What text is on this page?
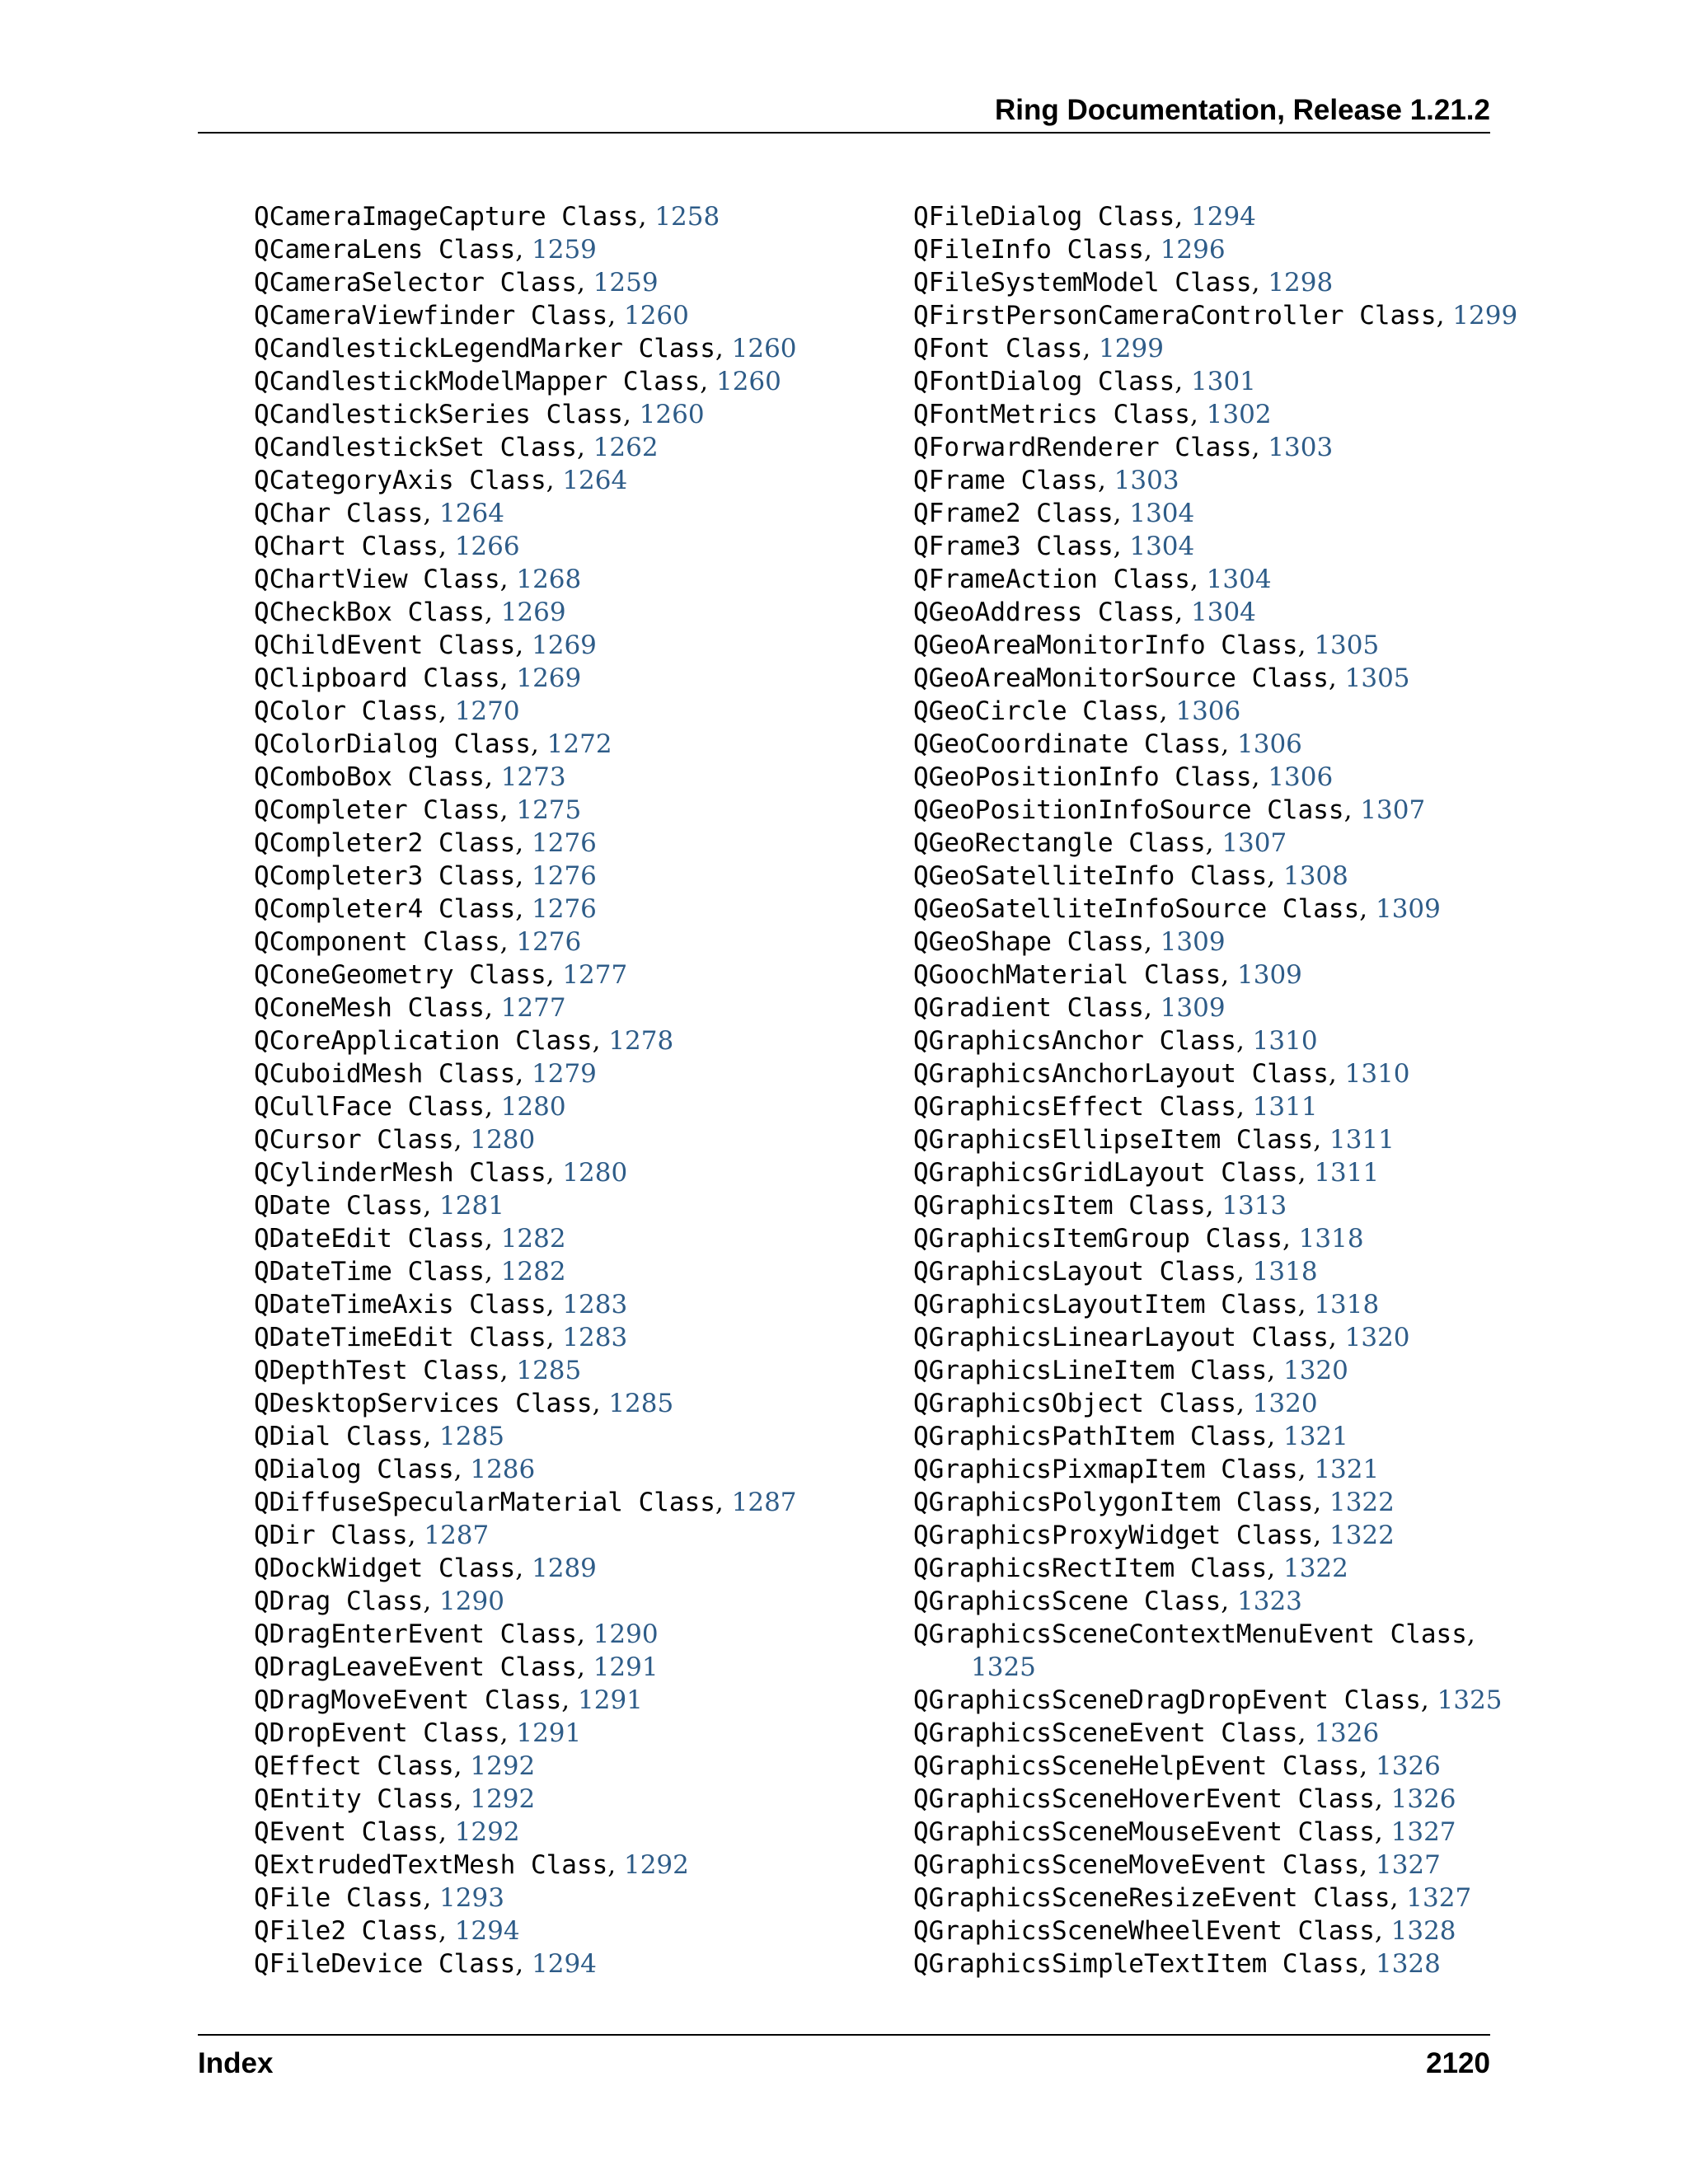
Ring Documentation, Release 1.21.2
QCameraImageCapture Class, 1258
QCameraLens Class, 1259
QCameraSelector Class, 1259
QCameraViewfinder Class, 1260
QCandlestickLegendMarker Class, 1260
QCandlestickModelMapper Class, 1260
QCandlestickSeries Class, 1260
QCandlestickSet Class, 1262
QCategoryAxis Class, 1264
QChar Class, 1264
QChart Class, 1266
QChartView Class, 1268
QCheckBox Class, 1269
QChildEvent Class, 1269
QClipboard Class, 1269
QColor Class, 1270
QColorDialog Class, 1272
QComboBox Class, 1273
QCompleter Class, 1275
QCompleter2 Class, 1276
QCompleter3 Class, 1276
QCompleter4 Class, 1276
QComponent Class, 1276
QConeGeometry Class, 1277
QConeMesh Class, 1277
QCoreApplication Class, 1278
QCuboidMesh Class, 1279
QCullFace Class, 1280
QCursor Class, 1280
QCylinderMesh Class, 1280
QDate Class, 1281
QDateEdit Class, 1282
QDateTime Class, 1282
QDateTimeAxis Class, 1283
QDateTimeEdit Class, 1283
QDepthTest Class, 1285
QDesktopServices Class, 1285
QDial Class, 1285
QDialog Class, 1286
QDiffuseSpecularMaterial Class, 1287
QDir Class, 1287
QDockWidget Class, 1289
QDrag Class, 1290
QDragEnterEvent Class, 1290
QDragLeaveEvent Class, 1291
QDragMoveEvent Class, 1291
QDropEvent Class, 1291
QEffect Class, 1292
QEntity Class, 1292
QEvent Class, 1292
QExtrudedTextMesh Class, 1292
QFile Class, 1293
QFile2 Class, 1294
QFileDevice Class, 1294
QFileDialog Class, 1294
QFileInfo Class, 1296
QFileSystemModel Class, 1298
QFirstPersonCameraController Class, 1299
QFont Class, 1299
QFontDialog Class, 1301
QFontMetrics Class, 1302
QForwardRenderer Class, 1303
QFrame Class, 1303
QFrame2 Class, 1304
QFrame3 Class, 1304
QFrameAction Class, 1304
QGeoAddress Class, 1304
QGeoAreaMonitorInfo Class, 1305
QGeoAreaMonitorSource Class, 1305
QGeoCircle Class, 1306
QGeoCoordinate Class, 1306
QGeoPositionInfo Class, 1306
QGeoPositionInfoSource Class, 1307
QGeoRectangle Class, 1307
QGeoSatelliteInfo Class, 1308
QGeoSatelliteInfoSource Class, 1309
QGeoShape Class, 1309
QGoochMaterial Class, 1309
QGradient Class, 1309
QGraphicsAnchor Class, 1310
QGraphicsAnchorLayout Class, 1310
QGraphicsEffect Class, 1311
QGraphicsEllipseItem Class, 1311
QGraphicsGridLayout Class, 1311
QGraphicsItem Class, 1313
QGraphicsItemGroup Class, 1318
QGraphicsLayout Class, 1318
QGraphicsLayoutItem Class, 1318
QGraphicsLinearLayout Class, 1320
QGraphicsLineItem Class, 1320
QGraphicsObject Class, 1320
QGraphicsPathItem Class, 1321
QGraphicsPixmapItem Class, 1321
QGraphicsPolygonItem Class, 1322
QGraphicsProxyWidget Class, 1322
QGraphicsRectItem Class, 1322
QGraphicsScene Class, 1323
QGraphicsSceneContextMenuEvent Class, 1325
QGraphicsSceneDragDropEvent Class, 1325
QGraphicsSceneEvent Class, 1326
QGraphicsSceneHelpEvent Class, 1326
QGraphicsSceneHoverEvent Class, 1326
QGraphicsSceneMouseEvent Class, 1327
QGraphicsSceneMoveEvent Class, 1327
QGraphicsSceneResizeEvent Class, 1327
QGraphicsSceneWheelEvent Class, 1328
QGraphicsSimpleTextItem Class, 1328
Index	2120
